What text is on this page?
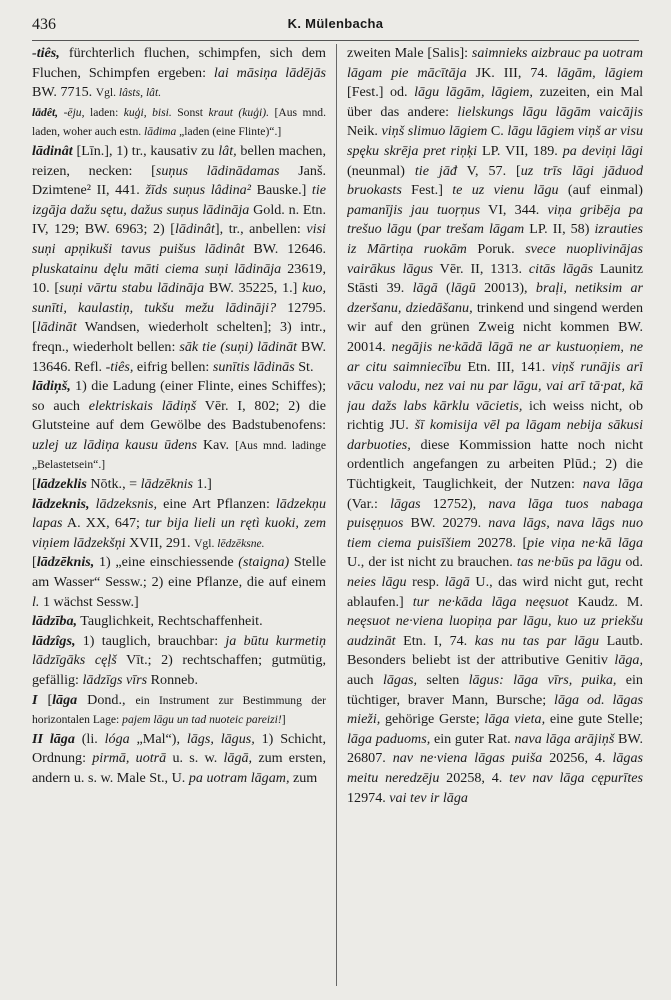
436	K. Mülenbacha

-tiês, fürchterlich fluchen, schimpfen, sich dem Fluchen, Schimpfen ergeben: lai māsiņa lādējās BW. 7715. Vgl. lâsts, lât.

lādêt, -ēju, laden: kuģi, bisi. Sonst kraut (kuģi). [Aus mnd. laden, woher auch estn. lādima „laden (eine Flinte)“.]

lādinât [Līn.], 1) tr., kausativ zu lât, bellen machen, reizen, necken: [suņus lādinādamas Janš. Dzimtene² II, 441. žīds suņus lâdina² Bauske.] tie izgāja dažu sętu, dažus suņus lādināja Gold. n. Etn. IV, 129; BW. 6963; 2) [lādinât], tr., anbellen: visi suņi apņikuši tavus puišus lādinât BW. 12646. pluskatainu dęlu māti ciema suņi lādināja 23619, 10. [suņi vārtu stabu lādināja BW. 35225, 1.] kuo, sunīti, kaulastiņ, tukšu mežu lādināji? 12795. [lādināt Wandsen, wiederholt schelten]; 3) intr., freqn., wiederholt bellen: sāk tie (suņi) lādināt BW. 13646. Refl. -tiês, eifrig bellen: sunītis lādinās St.

lādiņš, 1) die Ladung (einer Flinte, eines Schiffes); so auch elektriskais lādiņš Vēr. I, 802; 2) die Glutsteine auf dem Gewölbe des Badstubenofens: uzlej uz lādiņa kausu ūdens Kav. [Aus mnd. ladinge „Belastetsein“.]

[lādzeklis Nōtk., = lādzēknis 1.]

lādzeknis, lādzeksnis, eine Art Pflanzen: lādzekņu lapas A. XX, 647; tur bija lieli un rętì kuoki, zem viņiem lādzekšņi XVII, 291. Vgl. lēdzēksne.

[lādzēknis, 1) „eine einschiessende (staigna) Stelle am Wasser“ Sessw.; 2) eine Pflanze, die auf einem l. 1 wächst Sessw.]

lādzība, Tauglichkeit, Rechtschaffenheit.

lādzîgs, 1) tauglich, brauchbar: ja būtu kurmetiņ lādzīgāks cęļš Vīt.; 2) rechtschaffen; gutmütig, gefällig: lādzīgs vīrs Ronneb.

I [lāga Dond., ein Instrument zur Bestimmung der horizontalen Lage: pajem lāgu un tad nuoteic pareizi!]

II lāga (li. lóga „Mal“), lāgs, lāgus, 1) Schicht, Ordnung: pirmā, uotrā u. s. w. lāgā, zum ersten, andern u. s. w. Male St., U. pa uotram lāgam, zum

zweiten Male [Salis]: saimnieks aizbrauc pa uotram lāgam pie mācītāja JK. III, 74. lāgām, lāgiem [Fest.] od. lāgu lāgām, lāgiem, zuzeiten, ein Mal über das andere: lielskungs lāgu lāgām vaicājis Neik. viņš slimuo lāgiem C. lāgu lāgiem viņš ar visu spęku skrēja pret riņķi LP. VII, 189. pa deviņi lāgi (neunmal) tie jāđ V, 57. [uz trīs lāgi jāduod bruokasts Fest.] te uz vienu lāgu (auf einmal) pamanījis jau tuoŗņus VI, 344. viņa gribēja pa trešuo lāgu (par trešam lāgam LP. II, 58) izrauties iz Mārtiņa ruokām Poruk. svece nuoplivinājas vairākus lāgus Vēr. II, 1313. citās lāgās Launitz Stāsti 39. lāgā (lāgū 20013), braļi, netiksim ar dzeršanu, dziedāšanu, trinkend und singend werden wir auf den grünen Zweig nicht kommen BW. 20014. negājis ne·kādā lāgā ne ar kustuoņiem, ne ar citu saimniecību Etn. III, 141. viņš runājis arī vācu valodu, nez vai nu par lāgu, vai arī tā·pat, kā jau dažs labs kārklu vācietis, ich weiss nicht, ob richtig JU. šī komisija vēl pa lāgam nebija sākusi darbuoties, diese Kommission hatte noch nicht ordentlich angefangen zu arbeiten Plūd.; 2) die Tüchtigkeit, Tauglichkeit, der Nutzen: nava lāga (Var.: lāgas 12752), nava lāga tuos nabaga puisęņuos BW. 20279. nava lāgs, nava lāgs nuo tiem ciema puisīšiem 20278. [pie viņa ne·kā lāga U., der ist nicht zu brauchen. tas ne·būs pa lāgu od. neies lāgu resp. lāgā U., das wird nicht gut, recht ablaufen.] tur ne·kāda lāga neęsuot Kaudz. M. neęsuot ne·viena luopiņa par lāgu, kuo uz priekšu audzināt Etn. I, 74. kas nu tas par lāgu Lautb. Besonders beliebt ist der attributive Genitiv lāga, auch lāgas, selten lāgus: lāga vīrs, puika, ein tüchtiger, braver Mann, Bursche; lāga od. lāgas mieži, gehörige Gerste; lāga vieta, eine gute Stelle; lāga paduoms, ein guter Rat. nava lāga arājiņš BW. 26807. nav ne·viena lāgas puiša 20256, 4. lāgas meitu neredzēju 20258, 4. tev nav lāga cępurītes 12974. vai tev ir lāga
